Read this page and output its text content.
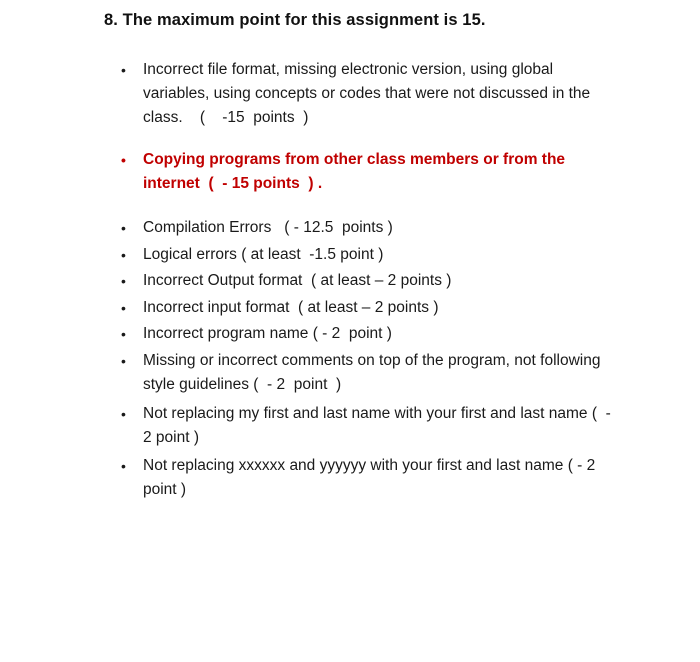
8. The maximum point for this assignment is 15.
• Incorrect file format, missing electronic version, using global variables, using concepts or codes that were not discussed in the class.    (    -15  points  )
• Copying programs from other class members or from the internet  (  - 15 points  ) .
• Compilation Errors   ( - 12.5  points )
• Logical errors ( at least  -1.5 point )
• Incorrect Output format  ( at least – 2 points )
• Incorrect input format  ( at least – 2 points )
• Incorrect program name ( - 2  point )
• Missing or incorrect comments on top of the program, not following style guidelines (  - 2  point  )
• Not replacing my first and last name with your first and last name (  - 2 point )
• Not replacing xxxxxx and yyyyyy with your first and last name ( - 2 point )
